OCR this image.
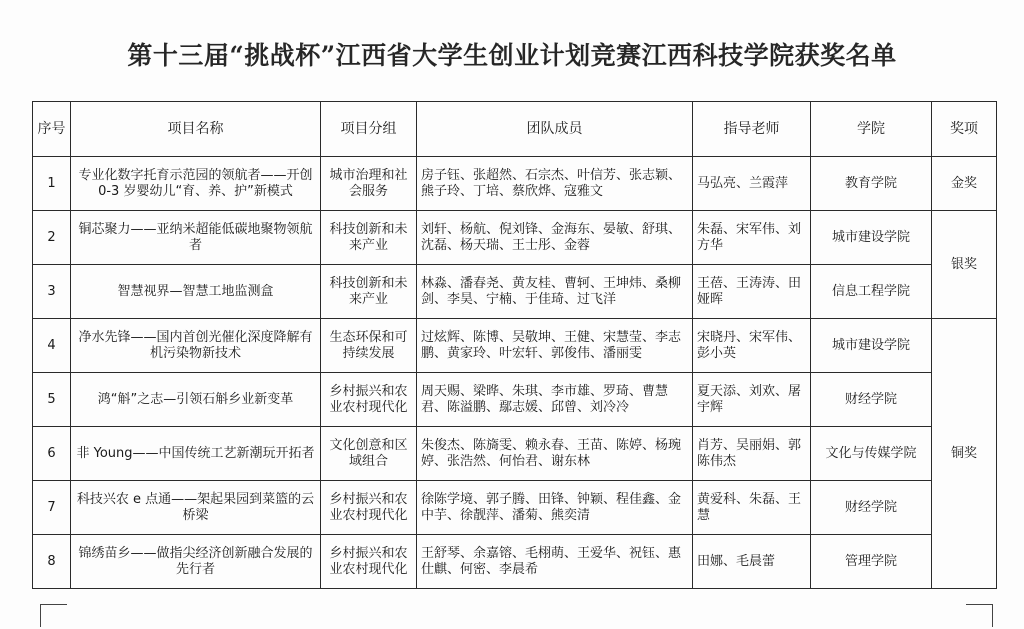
第十三届“挑战杯”江西省大学生创业计划竞赛江西科技学院获奖名单
序号	项目名称	项目分组	团队成员	指导老师	学院	奖项
1	专业化数字托育示范园的领航者——开创 0-3 岁婴幼儿“育、养、护”新模式	城市治理和社会服务	房子钰、张超然、石宗杰、叶信芳、张志颖、熊子玲、丁培、蔡欣烨、寇雅文	马弘亮、兰霞萍	教育学院	金奖
2	铜芯聚力——亚纳米超能低碳地聚物领航者	科技创新和未来产业	刘轩、杨航、倪刘锋、金海东、晏敏、舒琪、沈磊、杨天瑞、王士彤、金蓉	朱磊、宋军伟、刘方华	城市建设学院	银奖
3	智慧视界—智慧工地监测盒	科技创新和未来产业	林淼、潘春尧、黄友桂、曹轲、王坤炜、桑柳剑、李昊、宁楠、于佳琦、过飞洋	王蓓、王涛涛、田娅晖	信息工程学院	
4	净水先锋——国内首创光催化深度降解有机污染物新技术	生态环保和可持续发展	过炫辉、陈博、吴敬坤、王健、宋慧莹、李志鹏、黄家玲、叶宏轩、郭俊伟、潘丽雯	宋晓丹、宋军伟、彭小英	城市建设学院	铜奖
5	鸿“斛”之志—引领石斛乡业新变革	乡村振兴和农业农村现代化	周天赐、梁晔、朱琪、李市雄、罗琦、曹慧君、陈溢鹏、鄢志媛、邱曾、刘冷冷	夏天添、刘欢、屠宇辉	财经学院	
6	非 Young——中国传统工艺新潮玩开拓者	文化创意和区域组合	朱俊杰、陈旖雯、赖永春、王苗、陈婷、杨琬婷、张浩然、何怡君、谢东林	肖芳、吴丽娟、郭陈伟杰	文化与传媒学院	
7	科技兴农 e 点通——架起果园到菜篮的云桥梁	乡村振兴和农业农村现代化	徐陈学境、郭子腾、田锋、钟颖、程佳鑫、金中芋、徐靓萍、潘菊、熊奕清	黄爱科、朱磊、王慧	财经学院	
8	锦绣苗乡——做指尖经济创新融合发展的先行者	乡村振兴和农业农村现代化	王舒琴、余嘉镕、毛栩萌、王爱华、祝钰、惠仕麒、何密、李晨希	田娜、毛晨蕾	管理学院	
